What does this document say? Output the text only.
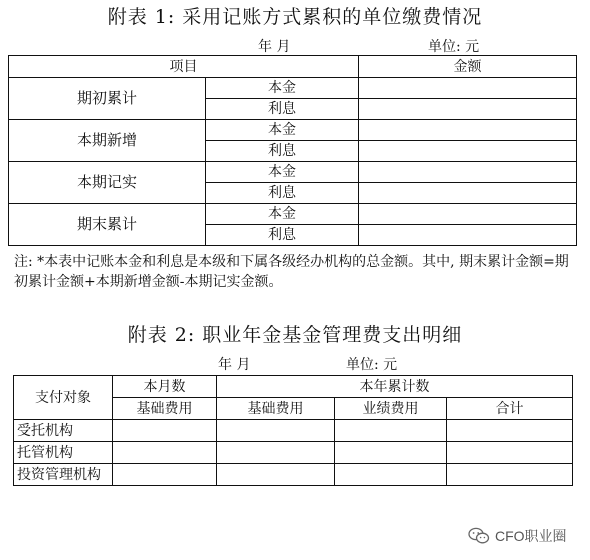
附表 1: 采用记账方式累积的单位缴费情况
年 月	单位: 元
项目		金额
期初累计	本金	
	利息	
本期新增	本金	
	利息	
本期记实	本金	
	利息	
期末累计	本金	
	利息	
注: *本表中记账本金和利息是本级和下属各级经办机构的总金额。其中, 期末累计金额=期初累计金额+本期新增金额-本期记实金额。
附表 2: 职业年金基金管理费支出明细
年 月	单位: 元
支付对象	本月数	本年累计数		
	基础费用	基础费用	业绩费用	合计
受托机构				
托管机构				
投资管理机构				
CFO职业圈
